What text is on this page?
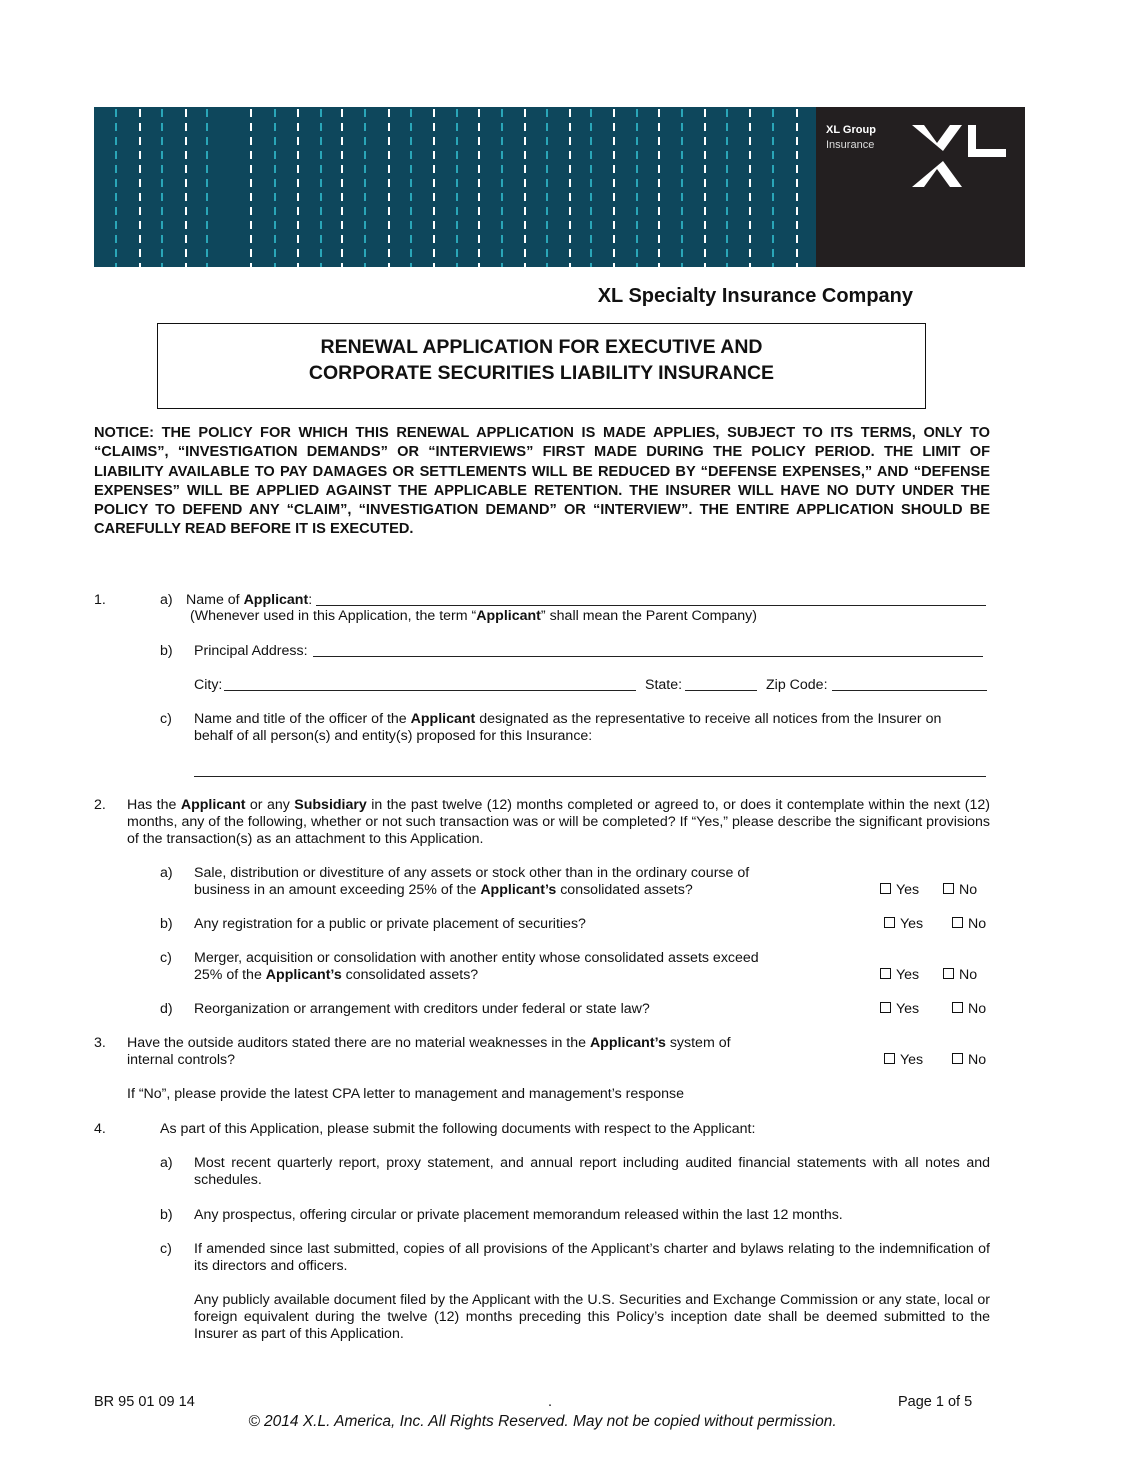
XL Group
Insurance
XL Specialty Insurance Company
RENEWAL APPLICATION FOR EXECUTIVE AND
CORPORATE SECURITIES LIABILITY INSURANCE
NOTICE: THE POLICY FOR WHICH THIS RENEWAL APPLICATION IS MADE APPLIES, SUBJECT TO ITS TERMS, ONLY TO “CLAIMS”, “INVESTIGATION DEMANDS” OR “INTERVIEWS” FIRST MADE DURING THE POLICY PERIOD. THE LIMIT OF LIABILITY AVAILABLE TO PAY DAMAGES OR SETTLEMENTS WILL BE REDUCED BY “DEFENSE EXPENSES,” AND “DEFENSE EXPENSES” WILL BE APPLIED AGAINST THE APPLICABLE RETENTION. THE INSURER WILL HAVE NO DUTY UNDER THE POLICY TO DEFEND ANY “CLAIM”, “INVESTIGATION DEMAND” OR “INTERVIEW”. THE ENTIRE APPLICATION SHOULD BE CAREFULLY READ BEFORE IT IS EXECUTED.
1.	a) Name of Applicant:
(Whenever used in this Application, the term “Applicant” shall mean the Parent Company)
b) Principal Address:
City:	State:	Zip Code:
c) Name and title of the officer of the Applicant designated as the representative to receive all notices from the Insurer on
behalf of all person(s) and entity(s) proposed for this Insurance:
2. Has the Applicant or any Subsidiary in the past twelve (12) months completed or agreed to, or does it contemplate within the next (12) months, any of the following, whether or not such transaction was or will be completed? If “Yes,” please describe the significant provisions of the transaction(s) as an attachment to this Application.
a) Sale, distribution or divestiture of any assets or stock other than in the ordinary course of
business in an amount exceeding 25% of the Applicant’s consolidated assets?	Yes	No
b) Any registration for a public or private placement of securities?	Yes	No
c) Merger, acquisition or consolidation with another entity whose consolidated assets exceed
25% of the Applicant’s consolidated assets?	Yes	No
d) Reorganization or arrangement with creditors under federal or state law?	Yes	No
3. Have the outside auditors stated there are no material weaknesses in the Applicant’s system of
internal controls?	Yes	No
If “No”, please provide the latest CPA letter to management and management’s response
4.	As part of this Application, please submit the following documents with respect to the Applicant:
a) Most recent quarterly report, proxy statement, and annual report including audited financial statements with all notes and schedules.
b) Any prospectus, offering circular or private placement memorandum released within the last 12 months.
c) If amended since last submitted, copies of all provisions of the Applicant’s charter and bylaws relating to the indemnification of its directors and officers.
Any publicly available document filed by the Applicant with the U.S. Securities and Exchange Commission or any state, local or foreign equivalent during the twelve (12) months preceding this Policy’s inception date shall be deemed submitted to the Insurer as part of this Application.
BR 95 01 09 14	.	Page 1 of 5
© 2014 X.L. America, Inc. All Rights Reserved. May not be copied without permission.
